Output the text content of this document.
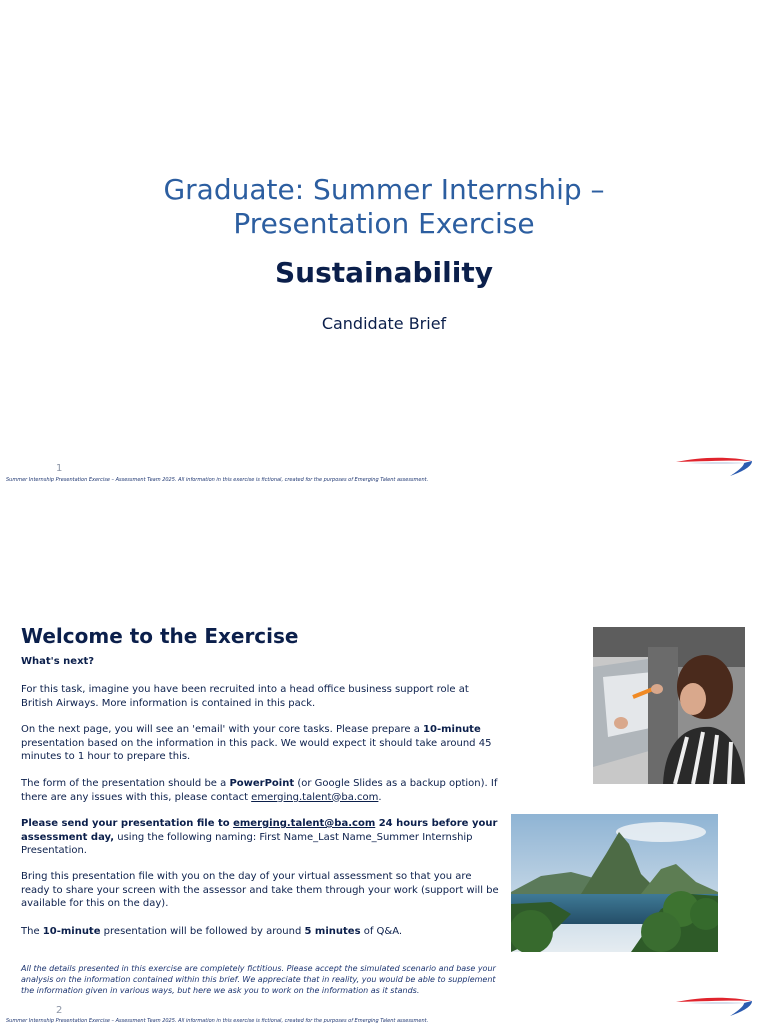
Graduate: Summer Internship –
Presentation Exercise
Sustainability
Candidate Brief
1
Summer Internship Presentation Exercise – Assessment Team 2025. All information in this exercise is fictional, created for the purposes of Emerging Talent assessment.
Welcome to the Exercise
What's next?
For this task, imagine you have been recruited into a head office business support role at British Airways. More information is contained in this pack.
On the next page, you will see an 'email' with your core tasks. Please prepare a 10-minute presentation based on the information in this pack. We would expect it should take around 45 minutes to 1 hour to prepare this.
The form of the presentation should be a PowerPoint (or Google Slides as a backup option). If there are any issues with this, please contact emerging.talent@ba.com.
Please send your presentation file to emerging.talent@ba.com 24 hours before your assessment day, using the following naming: First Name_Last Name_Summer Internship Presentation.
Bring this presentation file with you on the day of your virtual assessment so that you are ready to share your screen with the assessor and take them through your work (support will be available for this on the day).
The 10-minute presentation will be followed by around 5 minutes of Q&A.
All the details presented in this exercise are completely fictitious. Please accept the simulated scenario and base your analysis on the information contained within this brief. We appreciate that in reality, you would be able to supplement the information given in various ways, but here we ask you to work on the information as it stands.
2
Summer Internship Presentation Exercise – Assessment Team 2025. All information in this exercise is fictional, created for the purposes of Emerging Talent assessment.
